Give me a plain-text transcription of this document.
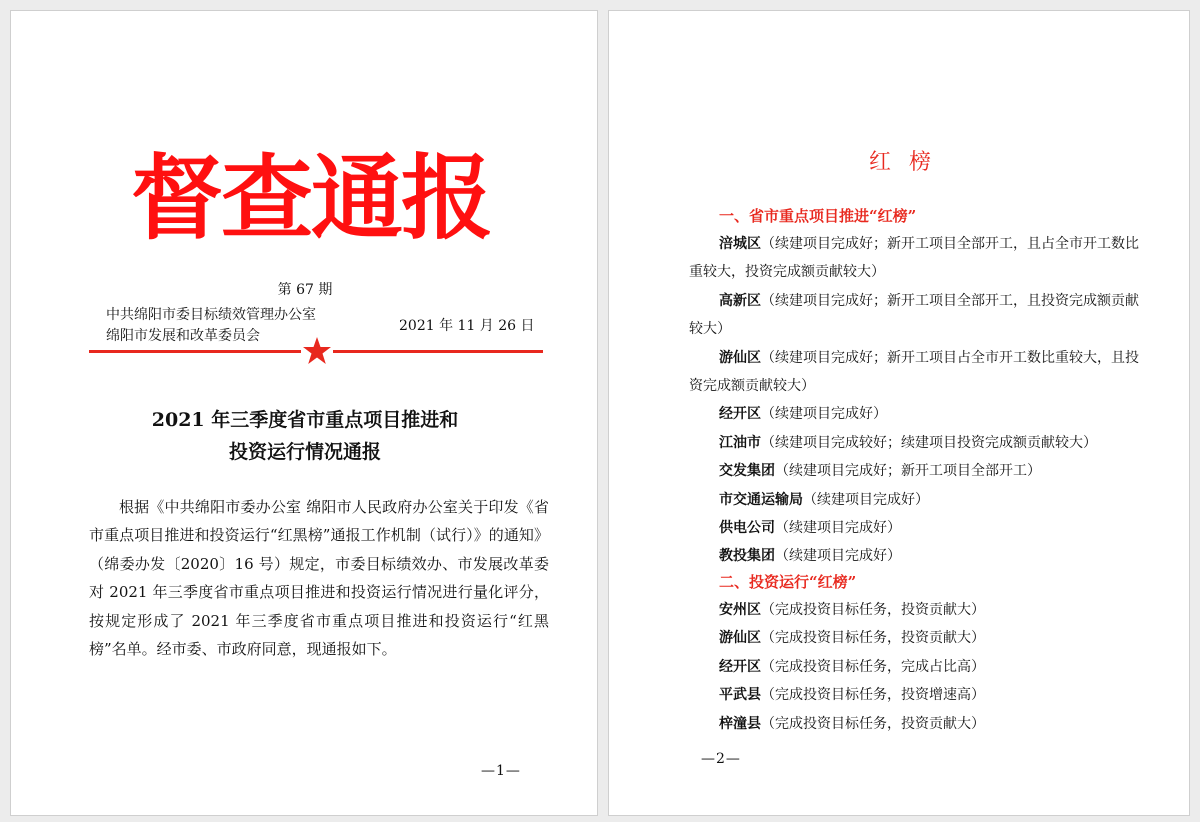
督查通报
第 67 期
中共绵阳市委目标绩效管理办公室
绵阳市发展和改革委员会
2021 年 11 月 26 日
2021 年三季度省市重点项目推进和
投资运行情况通报
根据《中共绵阳市委办公室 绵阳市人民政府办公室关于印发《省市重点项目推进和投资运行“红黑榜”通报工作机制（试行）》的通知》（绵委办发〔2020〕16 号）规定，市委目标绩效办、市发展改革委对 2021 年三季度省市重点项目推进和投资运行情况进行量化评分，按规定形成了 2021 年三季度省市重点项目推进和投资运行“红黑榜”名单。经市委、市政府同意，现通报如下。
—1—
红榜
一、省市重点项目推进“红榜”
涪城区（续建项目完成好；新开工项目全部开工，且占全市开工数比重较大，投资完成额贡献较大）
高新区（续建项目完成好；新开工项目全部开工，且投资完成额贡献较大）
游仙区（续建项目完成好；新开工项目占全市开工数比重较大，且投资完成额贡献较大）
经开区（续建项目完成好）
江油市（续建项目完成较好；续建项目投资完成额贡献较大）
交发集团（续建项目完成好；新开工项目全部开工）
市交通运输局（续建项目完成好）
供电公司（续建项目完成好）
教投集团（续建项目完成好）
二、投资运行“红榜”
安州区（完成投资目标任务，投资贡献大）
游仙区（完成投资目标任务，投资贡献大）
经开区（完成投资目标任务，完成占比高）
平武县（完成投资目标任务，投资增速高）
梓潼县（完成投资目标任务，投资贡献大）
—2—
